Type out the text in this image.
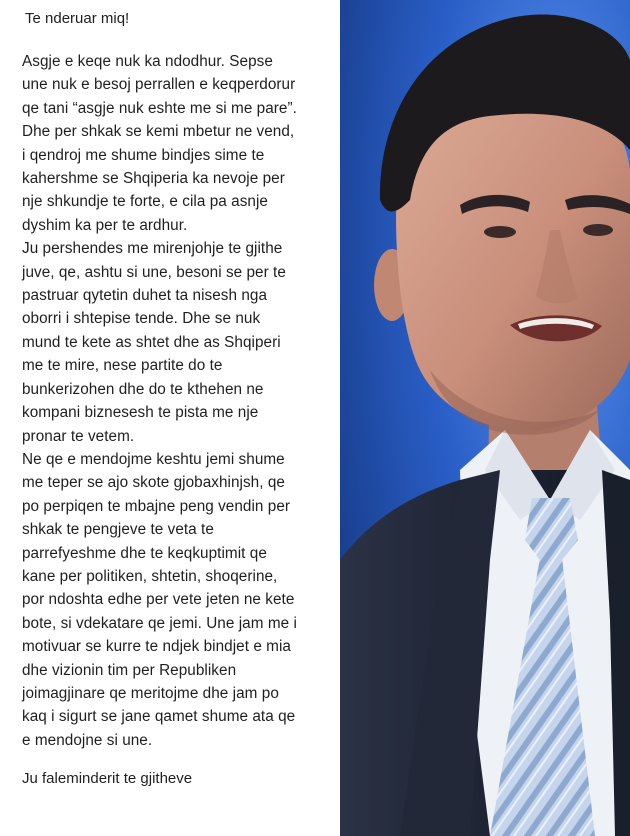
Te nderuar miq!
Asgje e keqe nuk ka ndodhur. Sepse
une nuk e besoj perrallen e keqperdorur
qe tani “asgje nuk eshte me si me pare”.
Dhe per shkak se kemi mbetur ne vend,
i qendroj me shume bindjes sime te
kahershme se Shqiperia ka nevoje per
nje shkundje te forte, e cila pa asnje
dyshim ka per te ardhur.
Ju pershendes me mirenjohje te gjithe
juve, qe, ashtu si une, besoni se per te
pastruar qytetin duhet ta nisesh nga
oborri i shtepise tende. Dhe se nuk
mund te kete as shtet dhe as Shqiperi
me te mire, nese partite do te
bunkerizohen dhe do te kthehen ne
kompani biznesesh te pista me nje
pronar te vetem.
Ne qe e mendojme keshtu jemi shume
me teper se ajo skote gjobaxhinjsh, qe
po perpiqen te mbajne peng vendin per
shkak te pengjeve te veta te
parrefyeshme dhe te keqkuptimit qe
kane per politiken, shtetin, shoqerine,
por ndoshta edhe per vete jeten ne kete
bote, si vdekatare qe jemi. Une jam me i
motivuar se kurre te ndjek bindjet e mia
dhe vizionin tim per Republiken
joimagjinare qe meritojme dhe jam po
kaq i sigurt se jane qamet shume ata qe
e mendojne si une.
Ju faleminderit te gjitheve
